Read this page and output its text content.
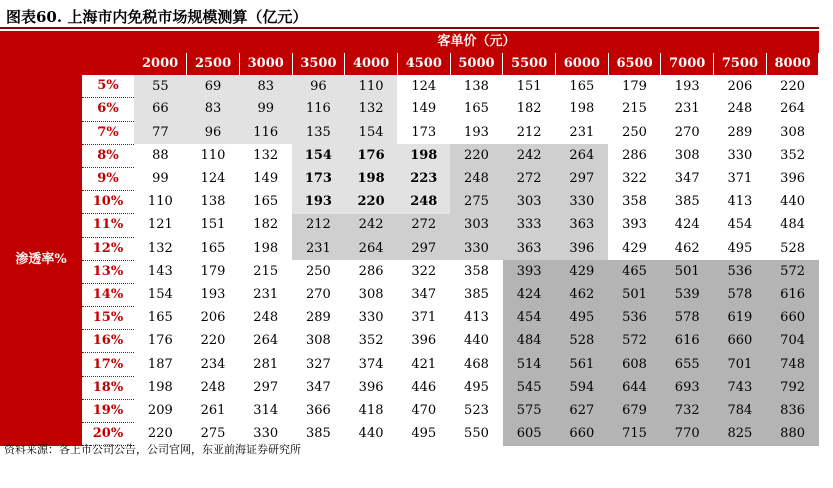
图表60. 上海市内免税市场规模测算（亿元）
		客单价（元）												
		2000	2500	3000	3500	4000	4500	5000	5500	6000	6500	7000	7500	8000
渗透率%	5%	55	69	83	96	110	124	138	151	165	179	193	206	220
	6%	66	83	99	116	132	149	165	182	198	215	231	248	264
	7%	77	96	116	135	154	173	193	212	231	250	270	289	308
	8%	88	110	132	154	176	198	220	242	264	286	308	330	352
	9%	99	124	149	173	198	223	248	272	297	322	347	371	396
	10%	110	138	165	193	220	248	275	303	330	358	385	413	440
	11%	121	151	182	212	242	272	303	333	363	393	424	454	484
	12%	132	165	198	231	264	297	330	363	396	429	462	495	528
	13%	143	179	215	250	286	322	358	393	429	465	501	536	572
	14%	154	193	231	270	308	347	385	424	462	501	539	578	616
	15%	165	206	248	289	330	371	413	454	495	536	578	619	660
	16%	176	220	264	308	352	396	440	484	528	572	616	660	704
	17%	187	234	281	327	374	421	468	514	561	608	655	701	748
	18%	198	248	297	347	396	446	495	545	594	644	693	743	792
	19%	209	261	314	366	418	470	523	575	627	679	732	784	836
	20%	220	275	330	385	440	495	550	605	660	715	770	825	880
资料来源：各上市公司公告，公司官网，东亚前海证券研究所
